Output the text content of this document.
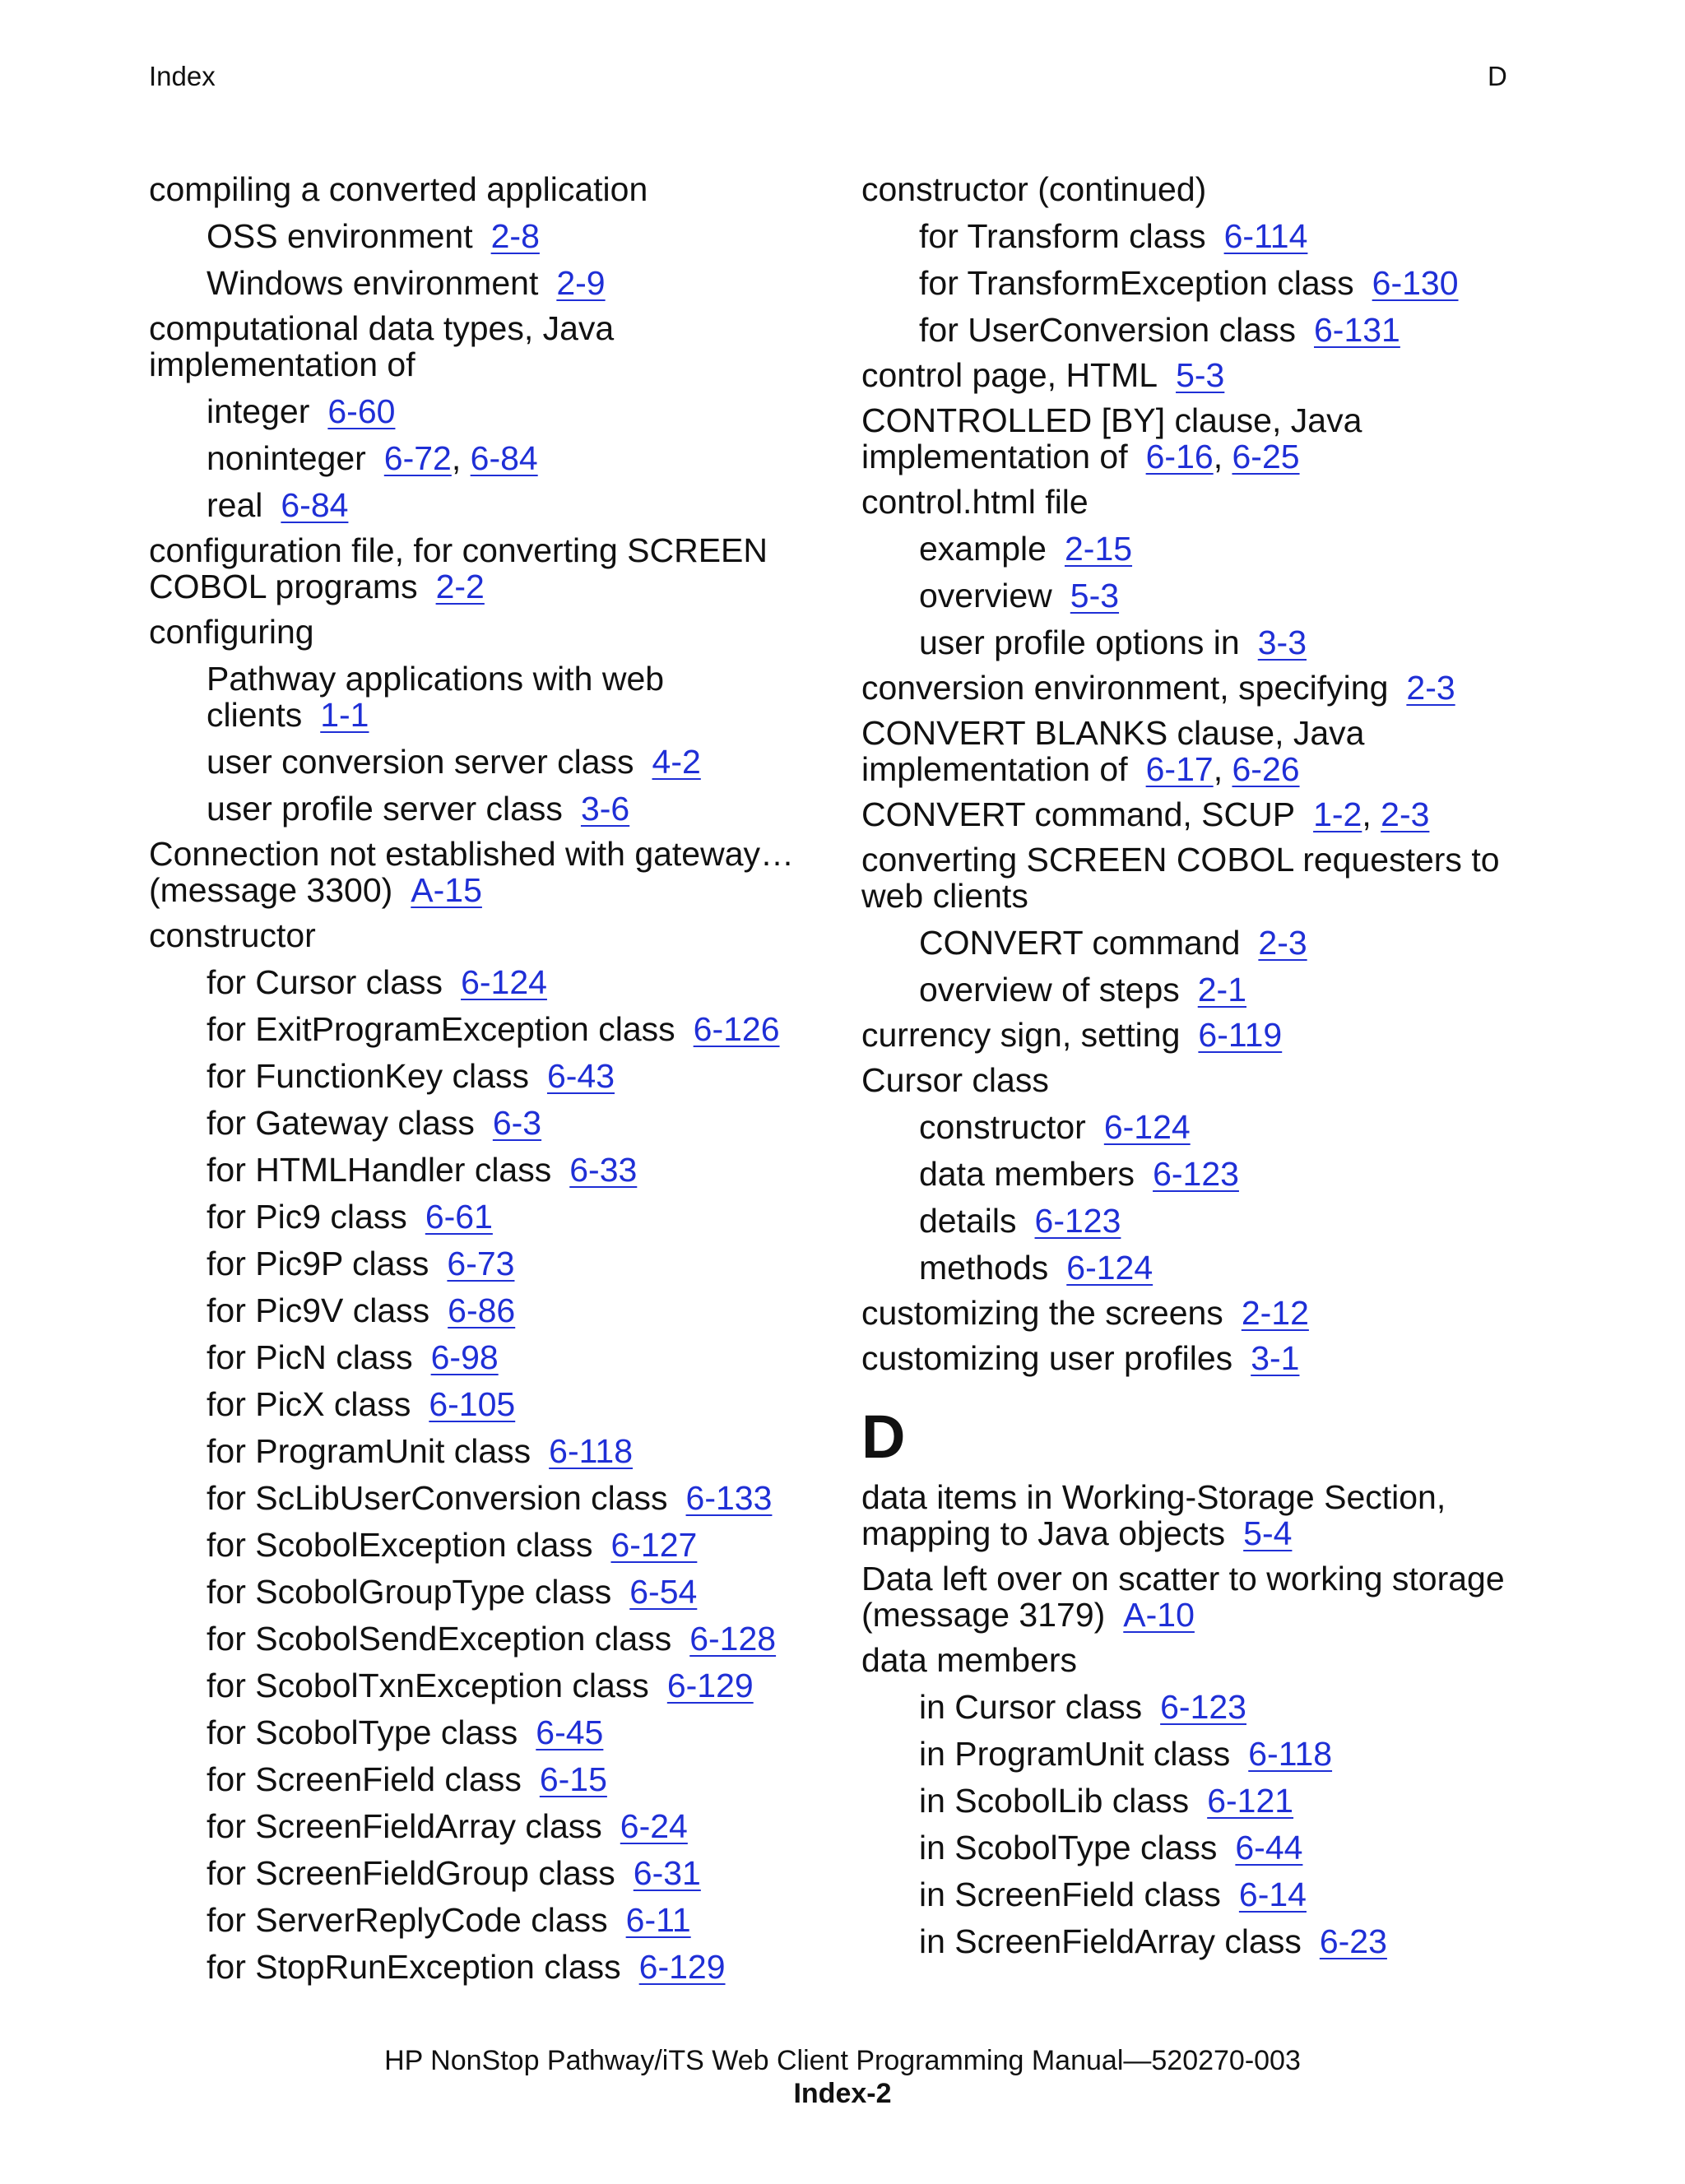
Index	D
compiling a converted application
OSS environment 2-8
Windows environment 2-9
computational data types, Java
implementation of
integer 6-60
noninteger 6-72, 6-84
real 6-84
configuration file, for converting SCREEN
COBOL programs 2-2
configuring
Pathway applications with web
clients 1-1
user conversion server class 4-2
user profile server class 3-6
Connection not established with gateway…
(message 3300) A-15
constructor
for Cursor class 6-124
for ExitProgramException class 6-126
for FunctionKey class 6-43
for Gateway class 6-3
for HTMLHandler class 6-33
for Pic9 class 6-61
for Pic9P class 6-73
for Pic9V class 6-86
for PicN class 6-98
for PicX class 6-105
for ProgramUnit class 6-118
for ScLibUserConversion class 6-133
for ScobolException class 6-127
for ScobolGroupType class 6-54
for ScobolSendException class 6-128
for ScobolTxnException class 6-129
for ScobolType class 6-45
for ScreenField class 6-15
for ScreenFieldArray class 6-24
for ScreenFieldGroup class 6-31
for ServerReplyCode class 6-11
for StopRunException class 6-129
constructor (continued)
for Transform class 6-114
for TransformException class 6-130
for UserConversion class 6-131
control page, HTML 5-3
CONTROLLED [BY] clause, Java
implementation of 6-16, 6-25
control.html file
example 2-15
overview 5-3
user profile options in 3-3
conversion environment, specifying 2-3
CONVERT BLANKS clause, Java
implementation of 6-17, 6-26
CONVERT command, SCUP 1-2, 2-3
converting SCREEN COBOL requesters to
web clients
CONVERT command 2-3
overview of steps 2-1
currency sign, setting 6-119
Cursor class
constructor 6-124
data members 6-123
details 6-123
methods 6-124
customizing the screens 2-12
customizing user profiles 3-1
D
data items in Working-Storage Section,
mapping to Java objects 5-4
Data left over on scatter to working storage
(message 3179) A-10
data members
in Cursor class 6-123
in ProgramUnit class 6-118
in ScobolLib class 6-121
in ScobolType class 6-44
in ScreenField class 6-14
in ScreenFieldArray class 6-23
HP NonStop Pathway/iTS Web Client Programming Manual—520270-003
Index-2
